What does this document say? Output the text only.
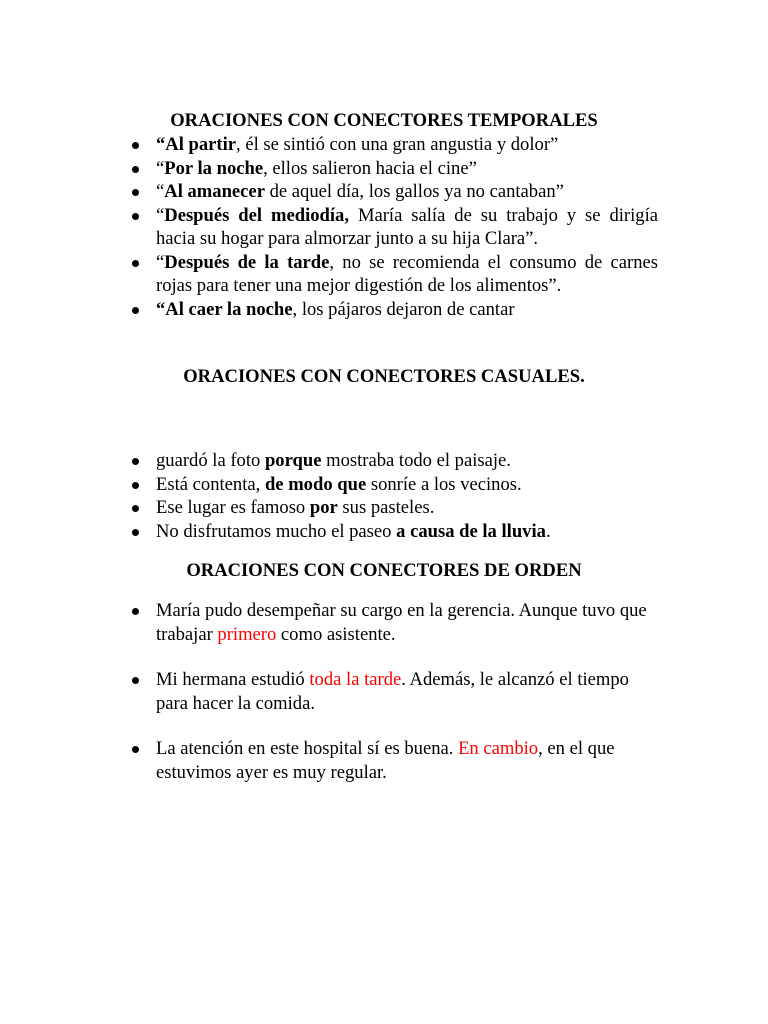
ORACIONES CON CONECTORES TEMPORALES
“Al partir, él se sintió con una gran angustia y dolor”
“Por la noche, ellos salieron hacia el cine”
“Al amanecer de aquel día, los gallos ya no cantaban”
“Después del mediodía, María salía de su trabajo y se dirigía hacia su hogar para almorzar junto a su hija Clara”.
“Después de la tarde, no se recomienda el consumo de carnes rojas para tener una mejor digestión de los alimentos”.
“Al caer la noche, los pájaros dejaron de cantar
ORACIONES CON CONECTORES CASUALES.
guardó la foto porque mostraba todo el paisaje.
Está contenta, de modo que sonríe a los vecinos.
Ese lugar es famoso por sus pasteles.
No disfrutamos mucho el paseo a causa de la lluvia.
ORACIONES CON CONECTORES DE ORDEN
María pudo desempeñar su cargo en la gerencia. Aunque tuvo que trabajar primero como asistente.
Mi hermana estudió toda la tarde. Además, le alcanzó el tiempo para hacer la comida.
La atención en este hospital sí es buena. En cambio, en el que estuvimos ayer es muy regular.
